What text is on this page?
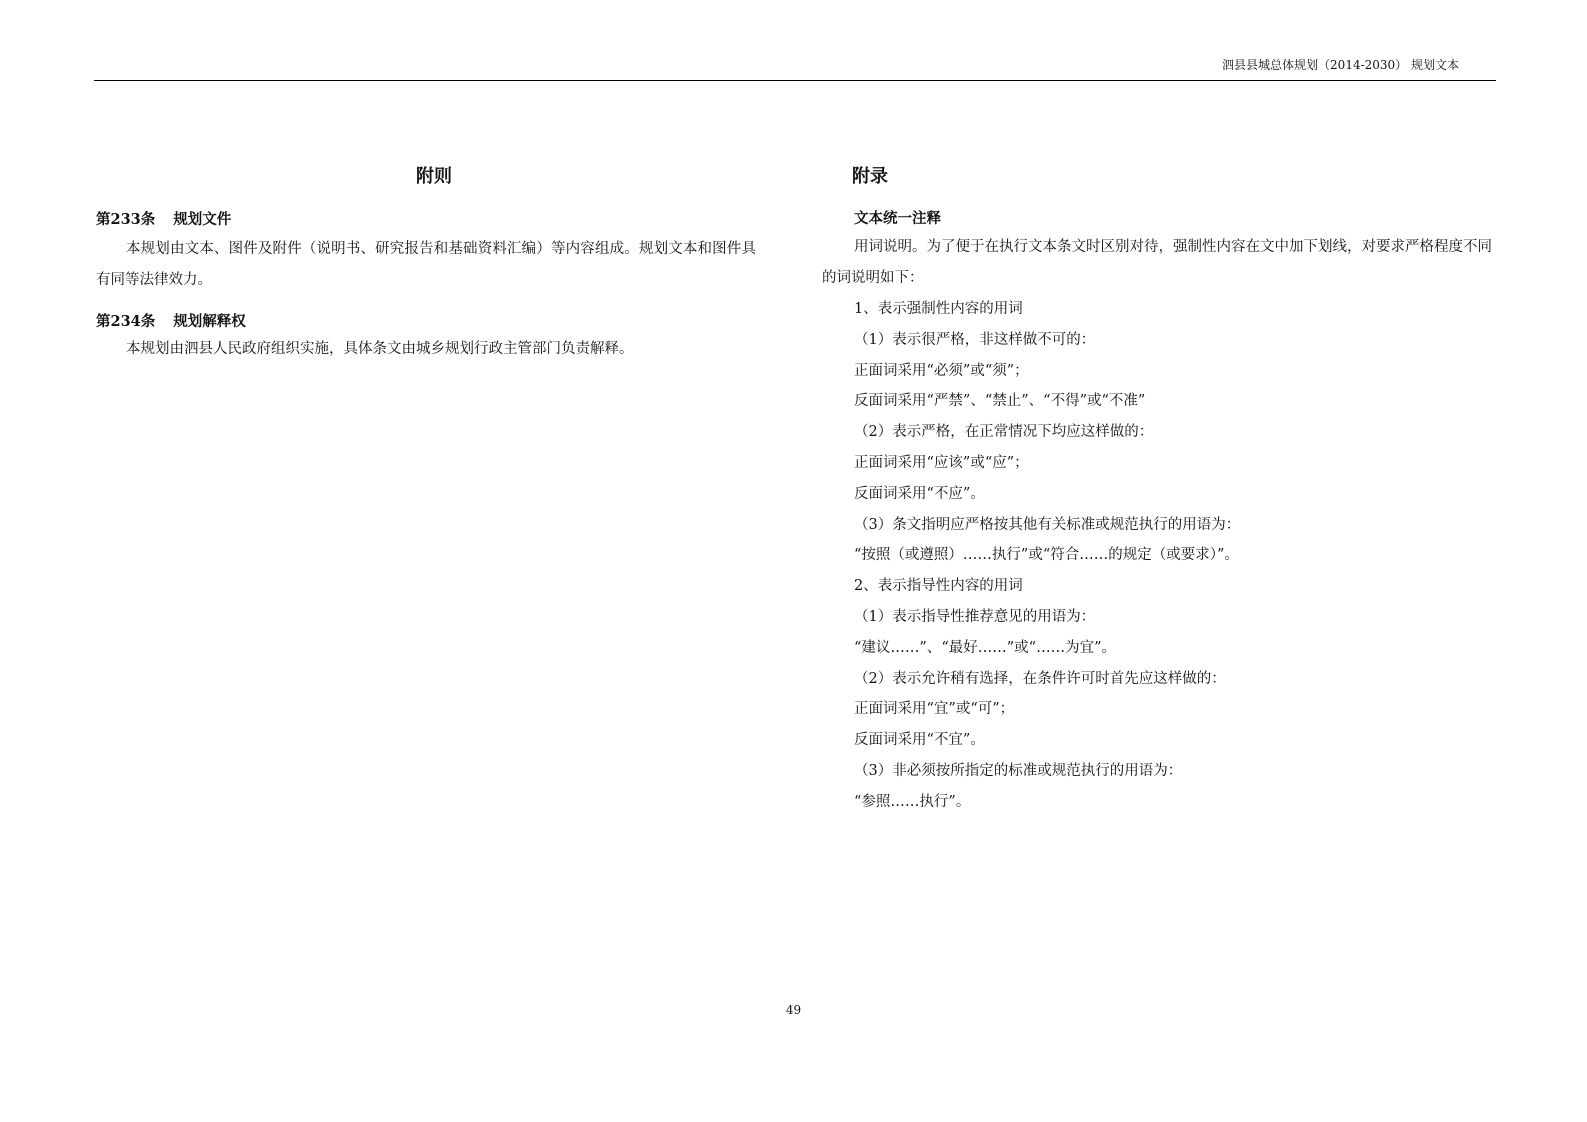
泗县县城总体规划（2014-2030） 规划文本
附则
第233条 规划文件

本规划由文本、图件及附件（说明书、研究报告和基础资料汇编）等内容组成。规划文本和图件具有同等法律效力。

第234条 规划解释权

本规划由泗县人民政府组织实施，具体条文由城乡规划行政主管部门负责解释。

附录
文本统一注释

用词说明。为了便于在执行文本条文时区别对待，强制性内容在文中加下划线，对要求严格程度不同的词说明如下：

1、表示强制性内容的用词
（1）表示很严格，非这样做不可的：
正面词采用“必须”或“须”；
反面词采用“严禁”、“禁止”、“不得”或“不准”
（2）表示严格，在正常情况下均应这样做的：
正面词采用“应该”或“应”；
反面词采用“不应”。
（3）条文指明应严格按其他有关标准或规范执行的用语为：
“按照（或遵照）……执行”或“符合……的规定（或要求）”。
2、表示指导性内容的用词
（1）表示指导性推荐意见的用语为：
“建议……”、“最好……”或“……为宜”。
（2）表示允许稍有选择，在条件许可时首先应这样做的：
正面词采用“宜”或“可”；
反面词采用“不宜”。
（3）非必须按所指定的标准或规范执行的用语为：
“参照……执行”。
49
